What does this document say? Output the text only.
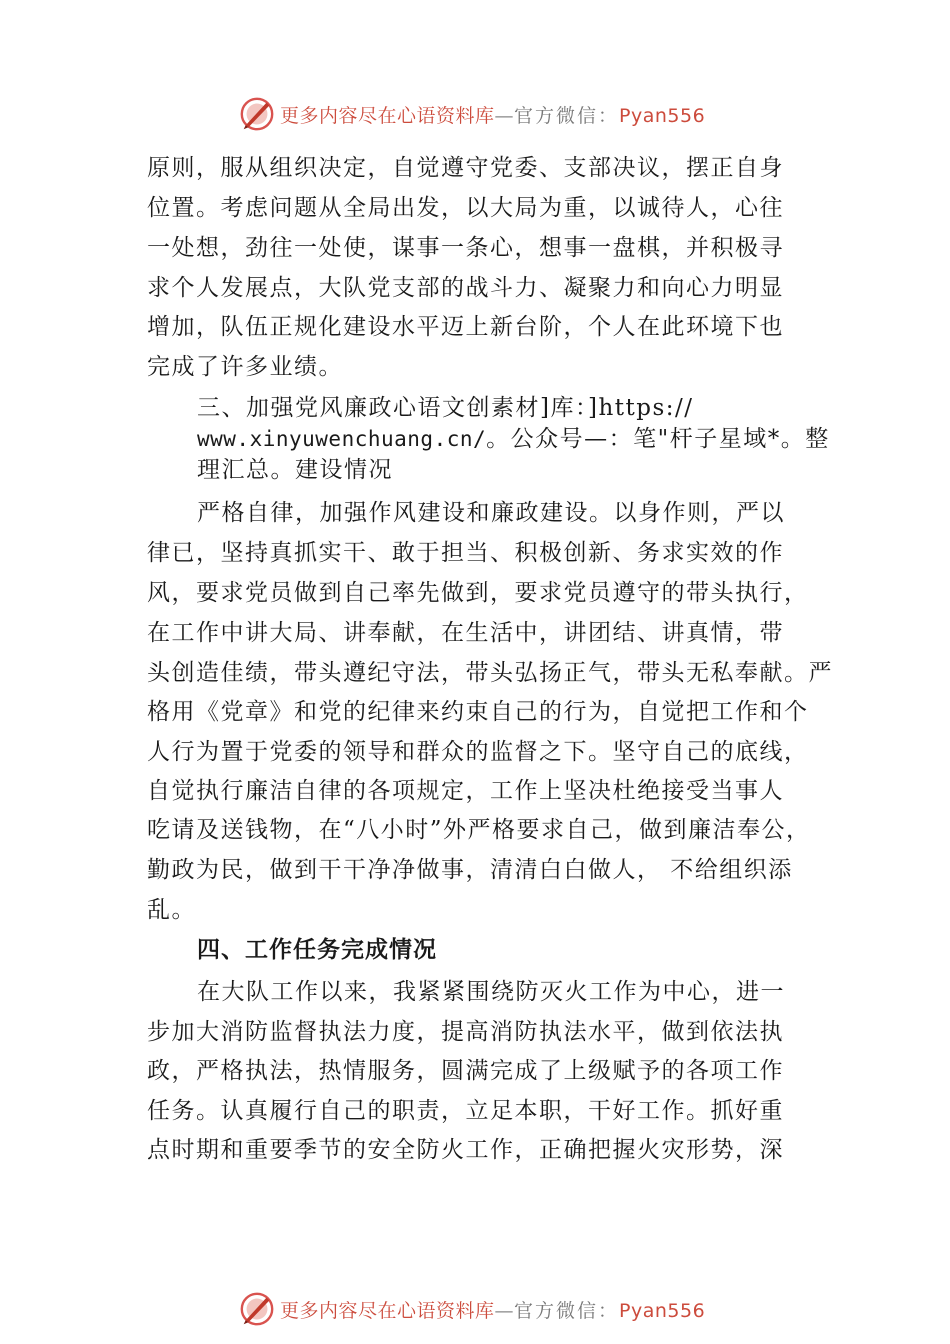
更多内容尽在心语资料库—官方微信：Pyan556
原则，服从组织决定，自觉遵守党委、支部决议，摆正自身
位置。考虑问题从全局出发，以大局为重，以诚待人，心往
一处想，劲往一处使，谋事一条心，想事一盘棋，并积极寻
求个人发展点，大队党支部的战斗力、凝聚力和向心力明显
增加，队伍正规化建设水平迈上新台阶，个人在此环境下也
完成了许多业绩。
三、加强党风廉政心语文创素材]库：]https://
www.xinyuwenchuang.cn/。公众号—：笔"杆子星域*。整
理汇总。建设情况
严格自律，加强作风建设和廉政建设。以身作则，严以
律已，坚持真抓实干、敢于担当、积极创新、务求实效的作
风，要求党员做到自己率先做到，要求党员遵守的带头执行，
在工作中讲大局、讲奉献，在生活中，讲团结、讲真情，带
头创造佳绩，带头遵纪守法，带头弘扬正气，带头无私奉献。严
格用《党章》和党的纪律来约束自己的行为，自觉把工作和个
人行为置于党委的领导和群众的监督之下。坚守自己的底线，
自觉执行廉洁自律的各项规定，工作上坚决杜绝接受当事人
吃请及送钱物，在“八小时”外严格要求自己，做到廉洁奉公，
勤政为民，做到干干净净做事，清清白白做人， 不给组织添
乱。
四、工作任务完成情况
在大队工作以来，我紧紧围绕防灭火工作为中心，进一
步加大消防监督执法力度，提高消防执法水平，做到依法执
政，严格执法，热情服务，圆满完成了上级赋予的各项工作
任务。认真履行自己的职责，立足本职，干好工作。抓好重
点时期和重要季节的安全防火工作，正确把握火灾形势，深
更多内容尽在心语资料库—官方微信：Pyan556
